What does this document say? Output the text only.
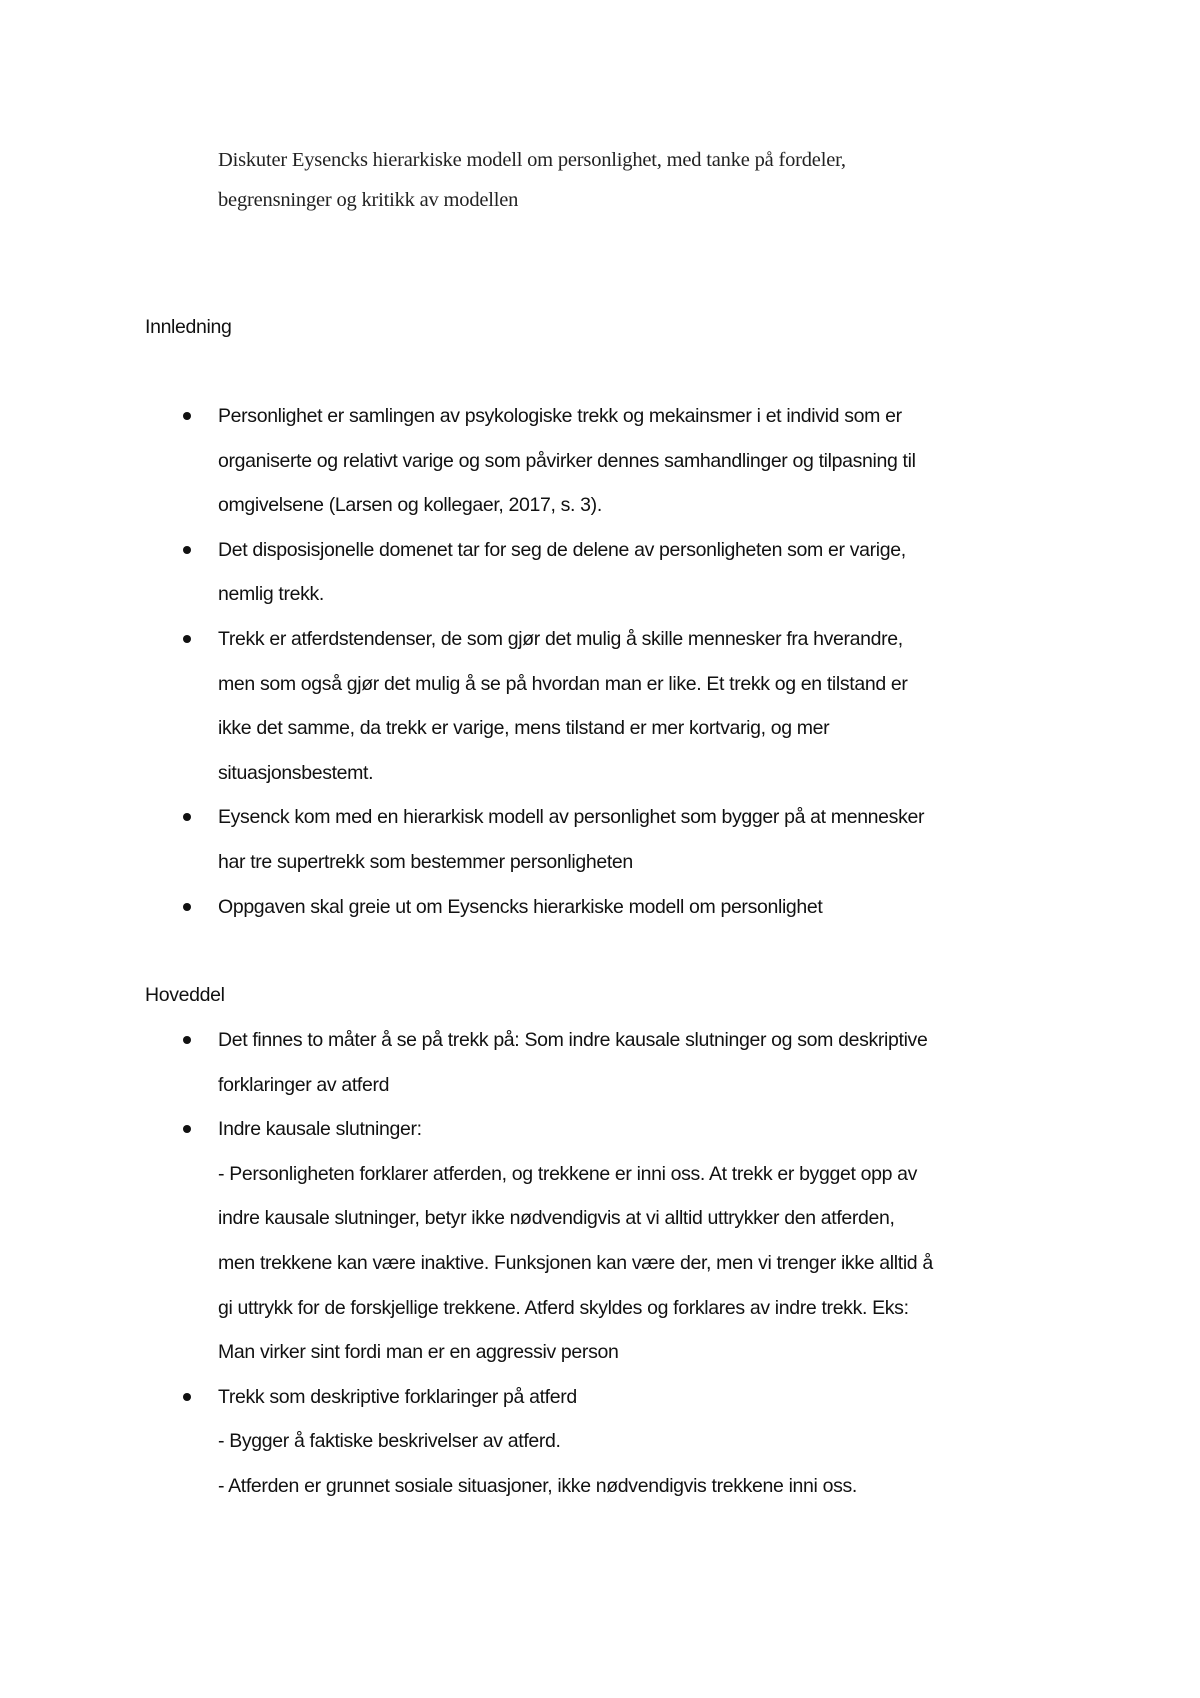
Diskuter Eysencks hierarkiske modell om personlighet, med tanke på fordeler,
begrensninger og kritikk av modellen
Innledning
Personlighet er samlingen av psykologiske trekk og mekainsmer i et individ som er
organiserte og relativt varige og som påvirker dennes samhandlinger og tilpasning til
omgivelsene (Larsen og kollegaer, 2017, s. 3).
Det disposisjonelle domenet tar for seg de delene av personligheten som er varige,
nemlig trekk.
Trekk er atferdstendenser, de som gjør det mulig å skille mennesker fra hverandre,
men som også gjør det mulig å se på hvordan man er like. Et trekk og en tilstand er
ikke det samme, da trekk er varige, mens tilstand er mer kortvarig, og mer
situasjonsbestemt.
Eysenck kom med en hierarkisk modell av personlighet som bygger på at mennesker
har tre supertrekk som bestemmer personligheten
Oppgaven skal greie ut om Eysencks hierarkiske modell om personlighet
Hoveddel
Det finnes to måter å se på trekk på: Som indre kausale slutninger og som deskriptive
forklaringer av atferd
Indre kausale slutninger:
- Personligheten forklarer atferden, og trekkene er inni oss. At trekk er bygget opp av
indre kausale slutninger, betyr ikke nødvendigvis at vi alltid uttrykker den atferden,
men trekkene kan være inaktive. Funksjonen kan være der, men vi trenger ikke alltid å
gi uttrykk for de forskjellige trekkene. Atferd skyldes og forklares av indre trekk. Eks:
Man virker sint fordi man er en aggressiv person
Trekk som deskriptive forklaringer på atferd
- Bygger å faktiske beskrivelser av atferd.
- Atferden er grunnet sosiale situasjoner, ikke nødvendigvis trekkene inni oss.
